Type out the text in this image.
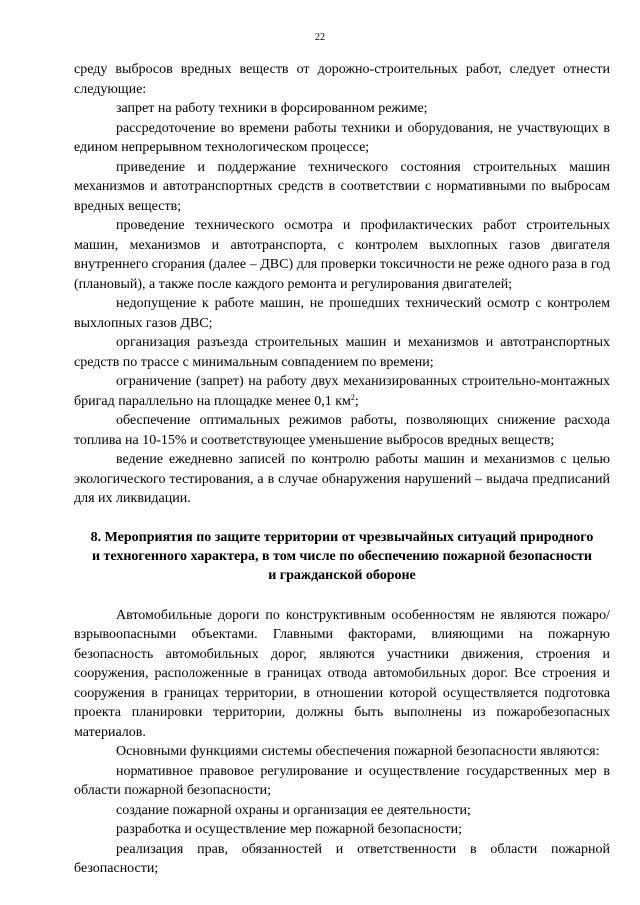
22

среду выбросов вредных веществ от дорожно-строительных работ, следует отнести следующие:

запрет на работу техники в форсированном режиме;

рассредоточение во времени работы техники и оборудования, не участвующих в едином непрерывном технологическом процессе;

приведение и поддержание технического состояния строительных машин механизмов и автотранспортных средств в соответствии с нормативными по выбросам вредных веществ;

проведение технического осмотра и профилактических работ строительных машин, механизмов и автотранспорта, с контролем выхлопных газов двигателя внутреннего сгорания (далее – ДВС) для проверки токсичности не реже одного раза в год (плановый), а также после каждого ремонта и регулирования двигателей;

недопущение к работе машин, не прошедших технический осмотр с контролем выхлопных газов ДВС;

организация разъезда строительных машин и механизмов и автотранспортных средств по трассе с минимальным совпадением по времени;

ограничение (запрет) на работу двух механизированных строительно-монтажных бригад параллельно на площадке менее 0,1 $км^2$;

обеспечение оптимальных режимов работы, позволяющих снижение расхода топлива на 10-15% и соответствующее уменьшение выбросов вредных веществ;

ведение ежедневно записей по контролю работы машин и механизмов с целью экологического тестирования, а в случае обнаружения нарушений – выдача предписаний для их ликвидации.

8. Мероприятия по защите территории от чрезвычайных ситуаций природного и техногенного характера, в том числе по обеспечению пожарной безопасности и гражданской обороне

Автомобильные дороги по конструктивным особенностям не являются пожаро/взрывоопасными объектами. Главными факторами, влияющими на пожарную безопасность автомобильных дорог, являются участники движения, строения и сооружения, расположенные в границах отвода автомобильных дорог. Все строения и сооружения в границах территории, в отношении которой осуществляется подготовка проекта планировки территории, должны быть выполнены из пожаробезопасных материалов.

Основными функциями системы обеспечения пожарной безопасности являются:

нормативное правовое регулирование и осуществление государственных мер в области пожарной безопасности;

создание пожарной охраны и организация ее деятельности;

разработка и осуществление мер пожарной безопасности;

реализация прав, обязанностей и ответственности в области пожарной безопасности;
